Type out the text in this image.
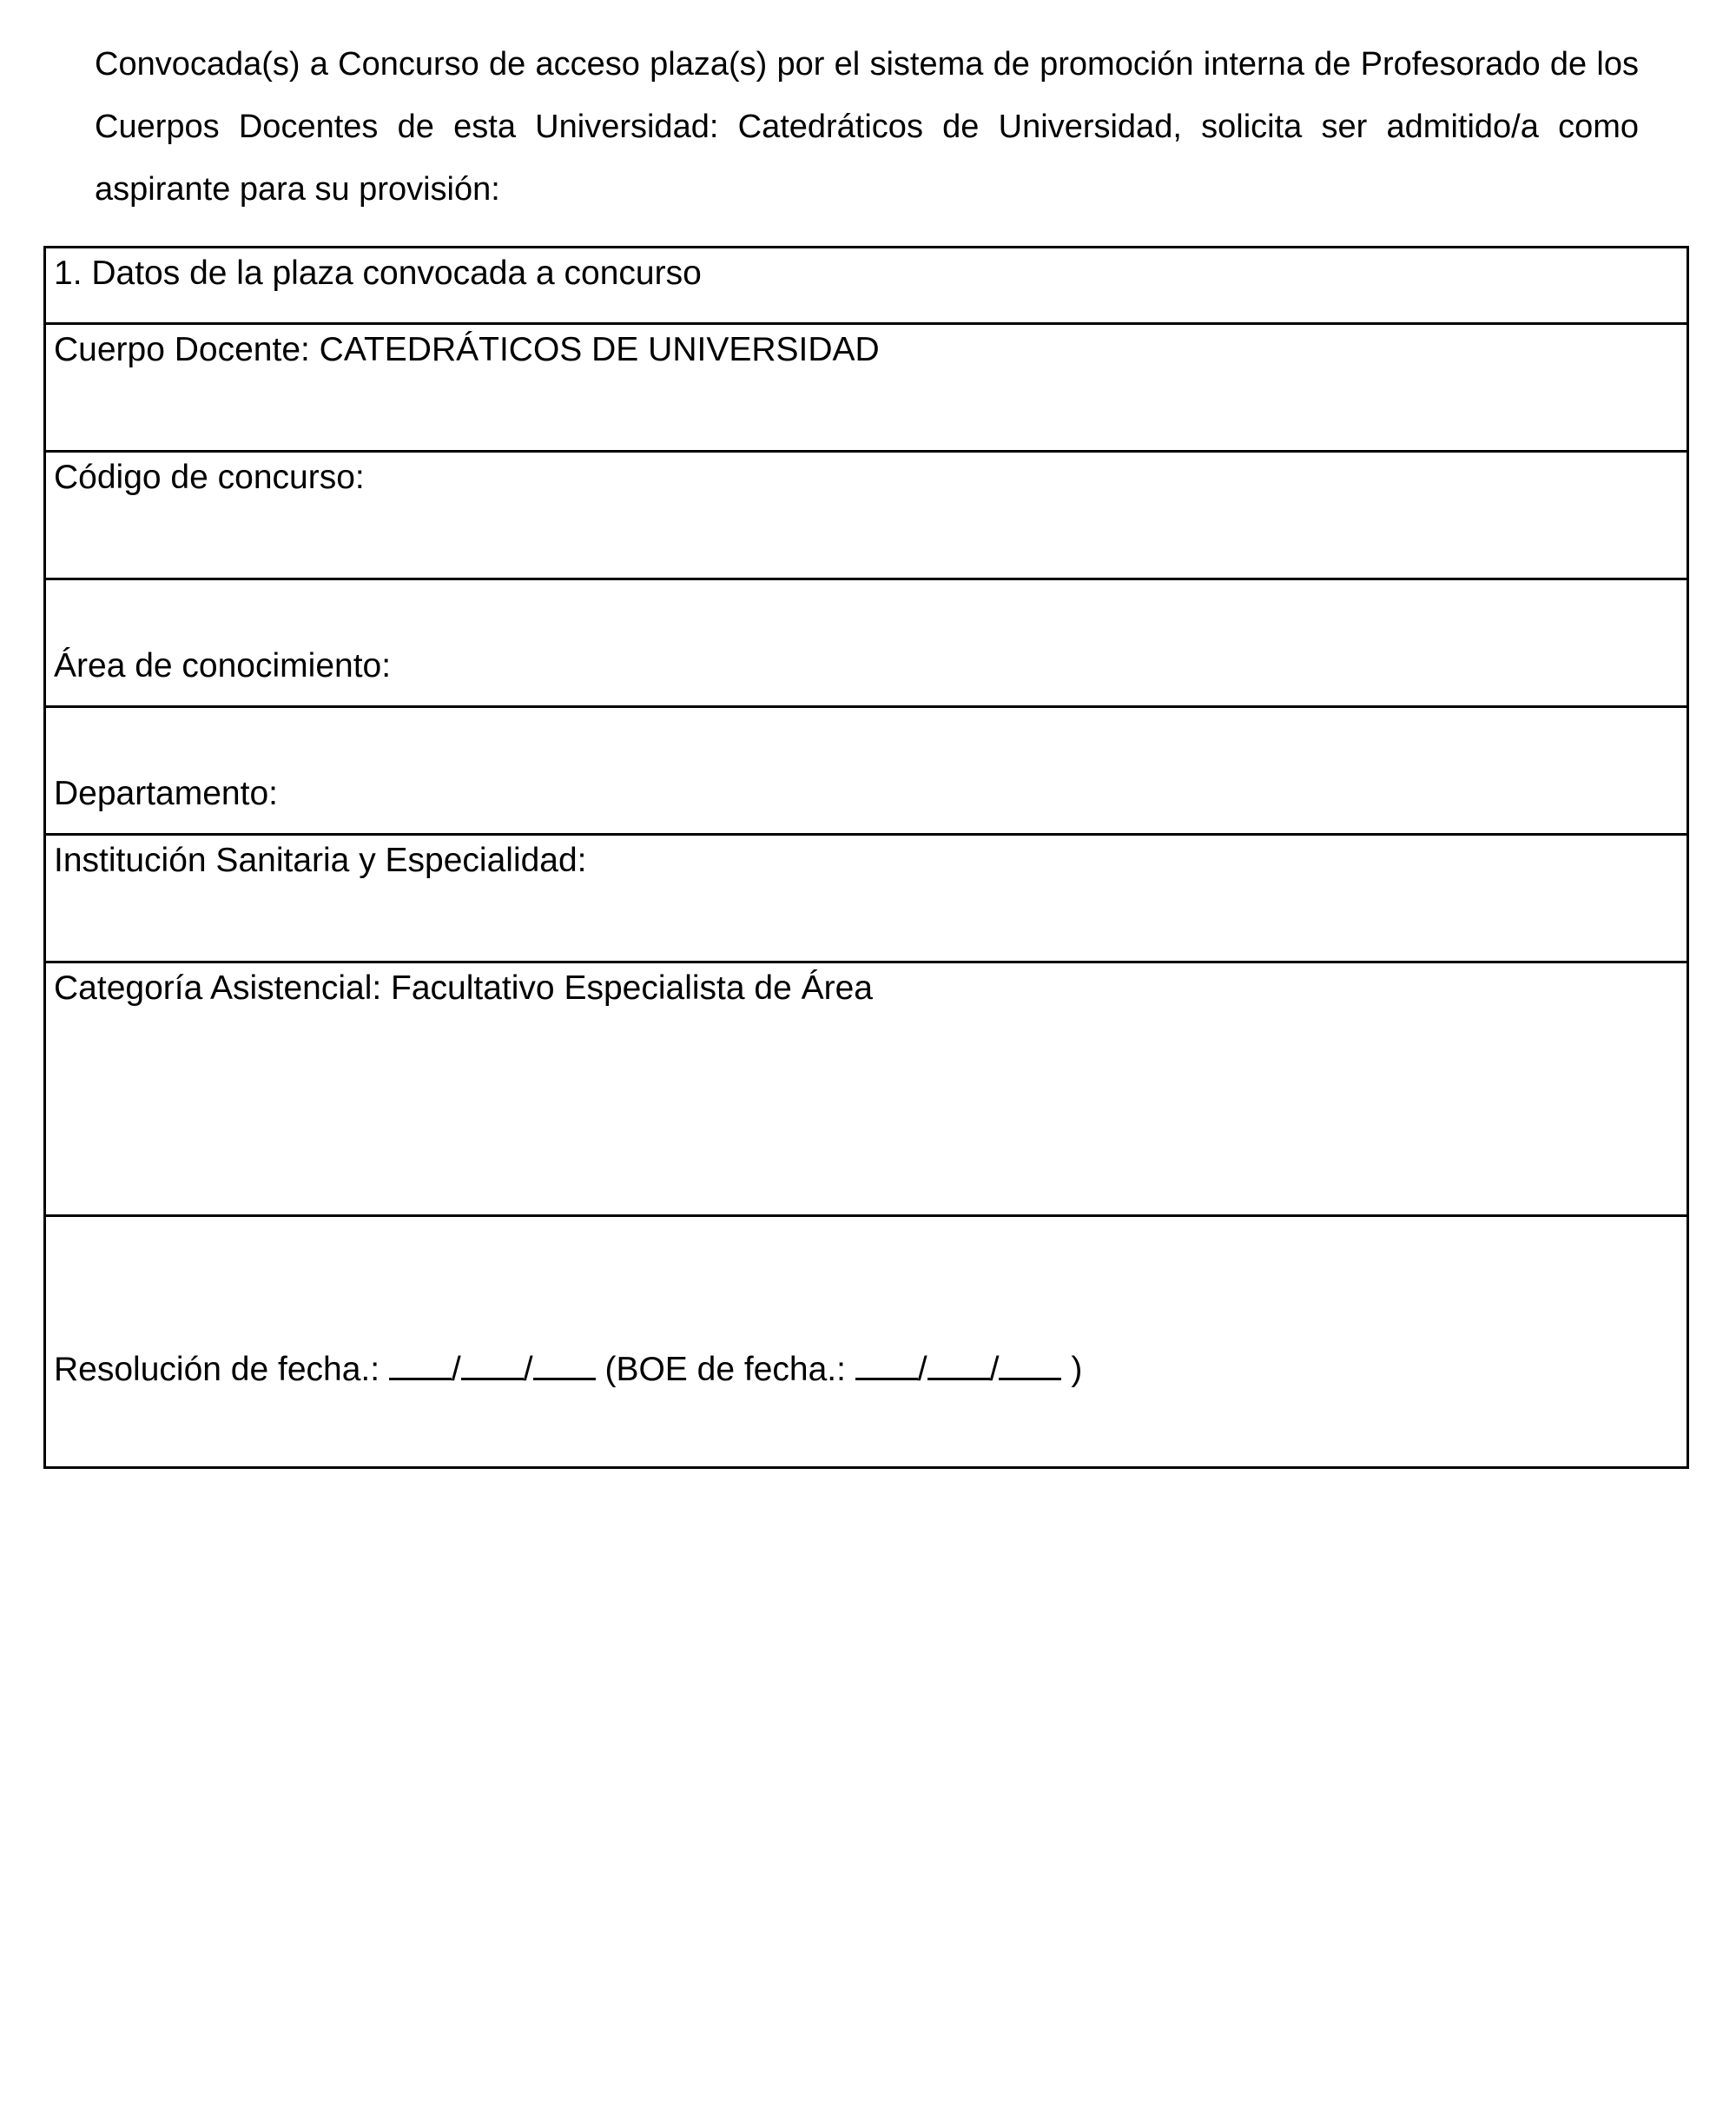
Convocada(s) a Concurso de acceso plaza(s) por el sistema de promoción interna de Profesorado de los Cuerpos Docentes de esta Universidad: Catedráticos de Universidad, solicita ser admitido/a como aspirante para su provisión:
1. Datos de la plaza convocada a concurso
Cuerpo Docente: CATEDRÁTICOS DE UNIVERSIDAD
Código de concurso:
Área de conocimiento:
Departamento:
Institución Sanitaria y Especialidad:
Categoría Asistencial: Facultativo Especialista de Área
Resolución de fecha.: / / (BOE de fecha.: / / )
